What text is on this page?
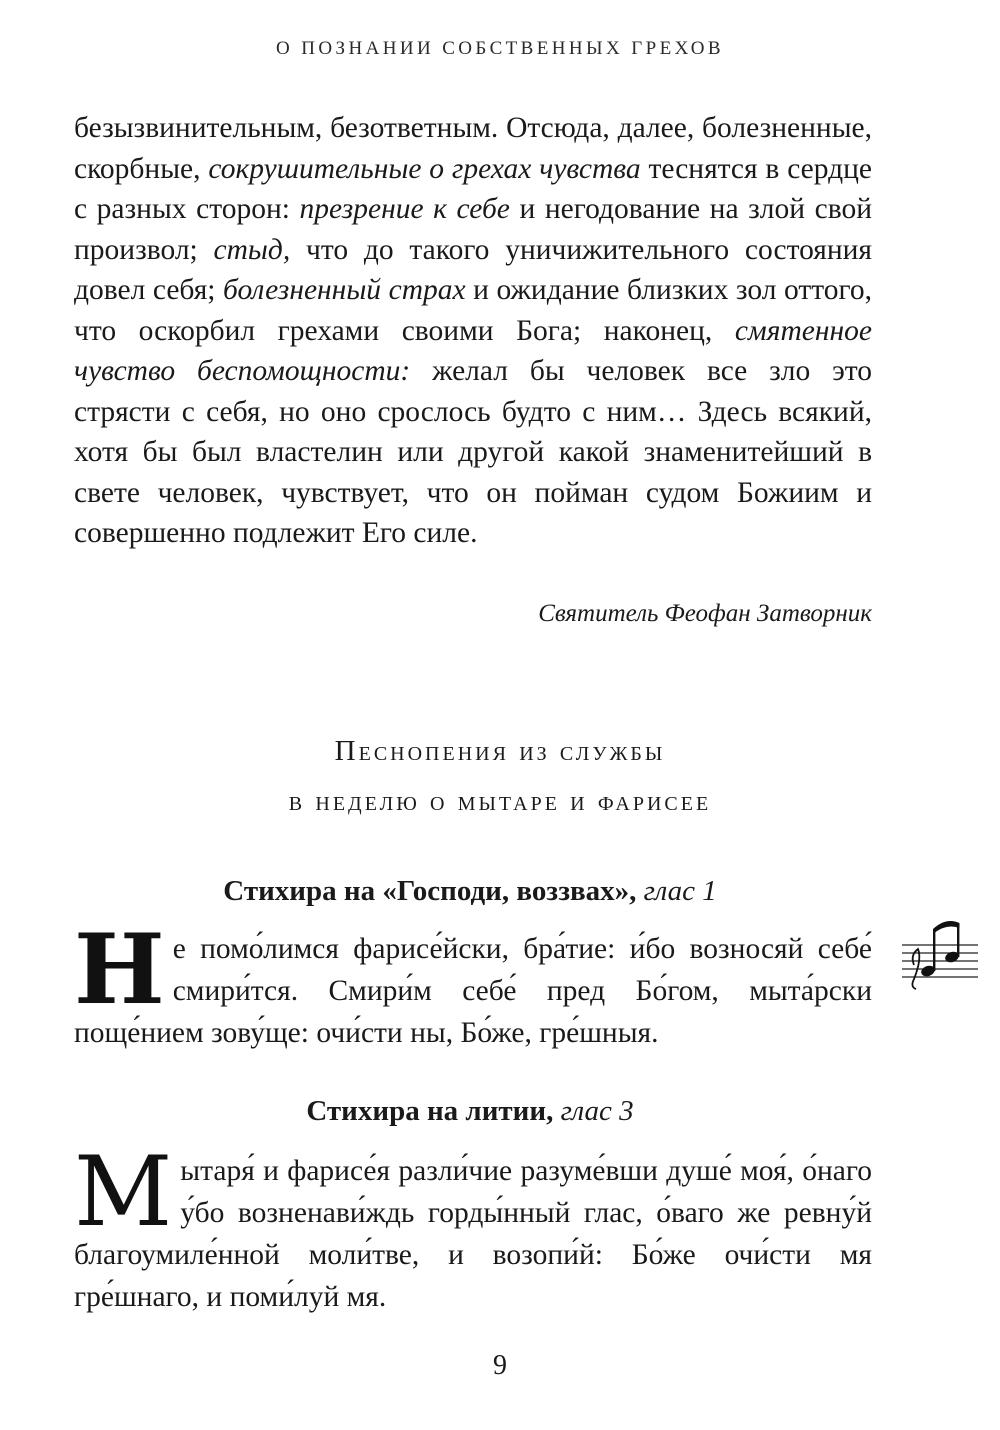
О ПОЗНАНИИ СОБСТВЕННЫХ ГРЕХОВ

безызвинительным, безответным. Отсюда, далее, болезненные, скорбные, сокрушительные о грехах чувства теснятся в сердце с разных сторон: презрение к себе и негодование на злой свой произвол; стыд, что до такого уничижительного состояния довел себя; болезненный страх и ожидание близких зол оттого, что оскорбил грехами своими Бога; наконец, смятенное чувство беспомощности: желал бы человек все зло это стрясти с себя, но оно срослось будто с ним… Здесь всякий, хотя бы был властелин или другой какой знаменитейший в свете человек, чувствует, что он пойман судом Божиим и совершенно подлежит Его силе.

Святитель Феофан Затворник
Песнопения из службы
в неделю о мытаре и фарисее
Стихира на «Господи, воззвах», глас 1
Не помо́лимся фарисе́йски, бра́тие: и́бо возносяй себе́ смири́тся. Смири́м себе́ пред Бо́гом, мыта́рски поще́нием зову́ще: очи́сти ны, Бо́же, гре́шныя.
Стихира на литии, глас 3
Мытаря́ и фарисе́я разли́чие разуме́вши душе́ моя́, о́наго у́бо возненави́ждь горды́нный глас, о́ваго же ревну́й благоумиле́нной моли́тве, и возопи́й: Бо́же очи́сти мя гре́шнаго, и поми́луй мя.
9
